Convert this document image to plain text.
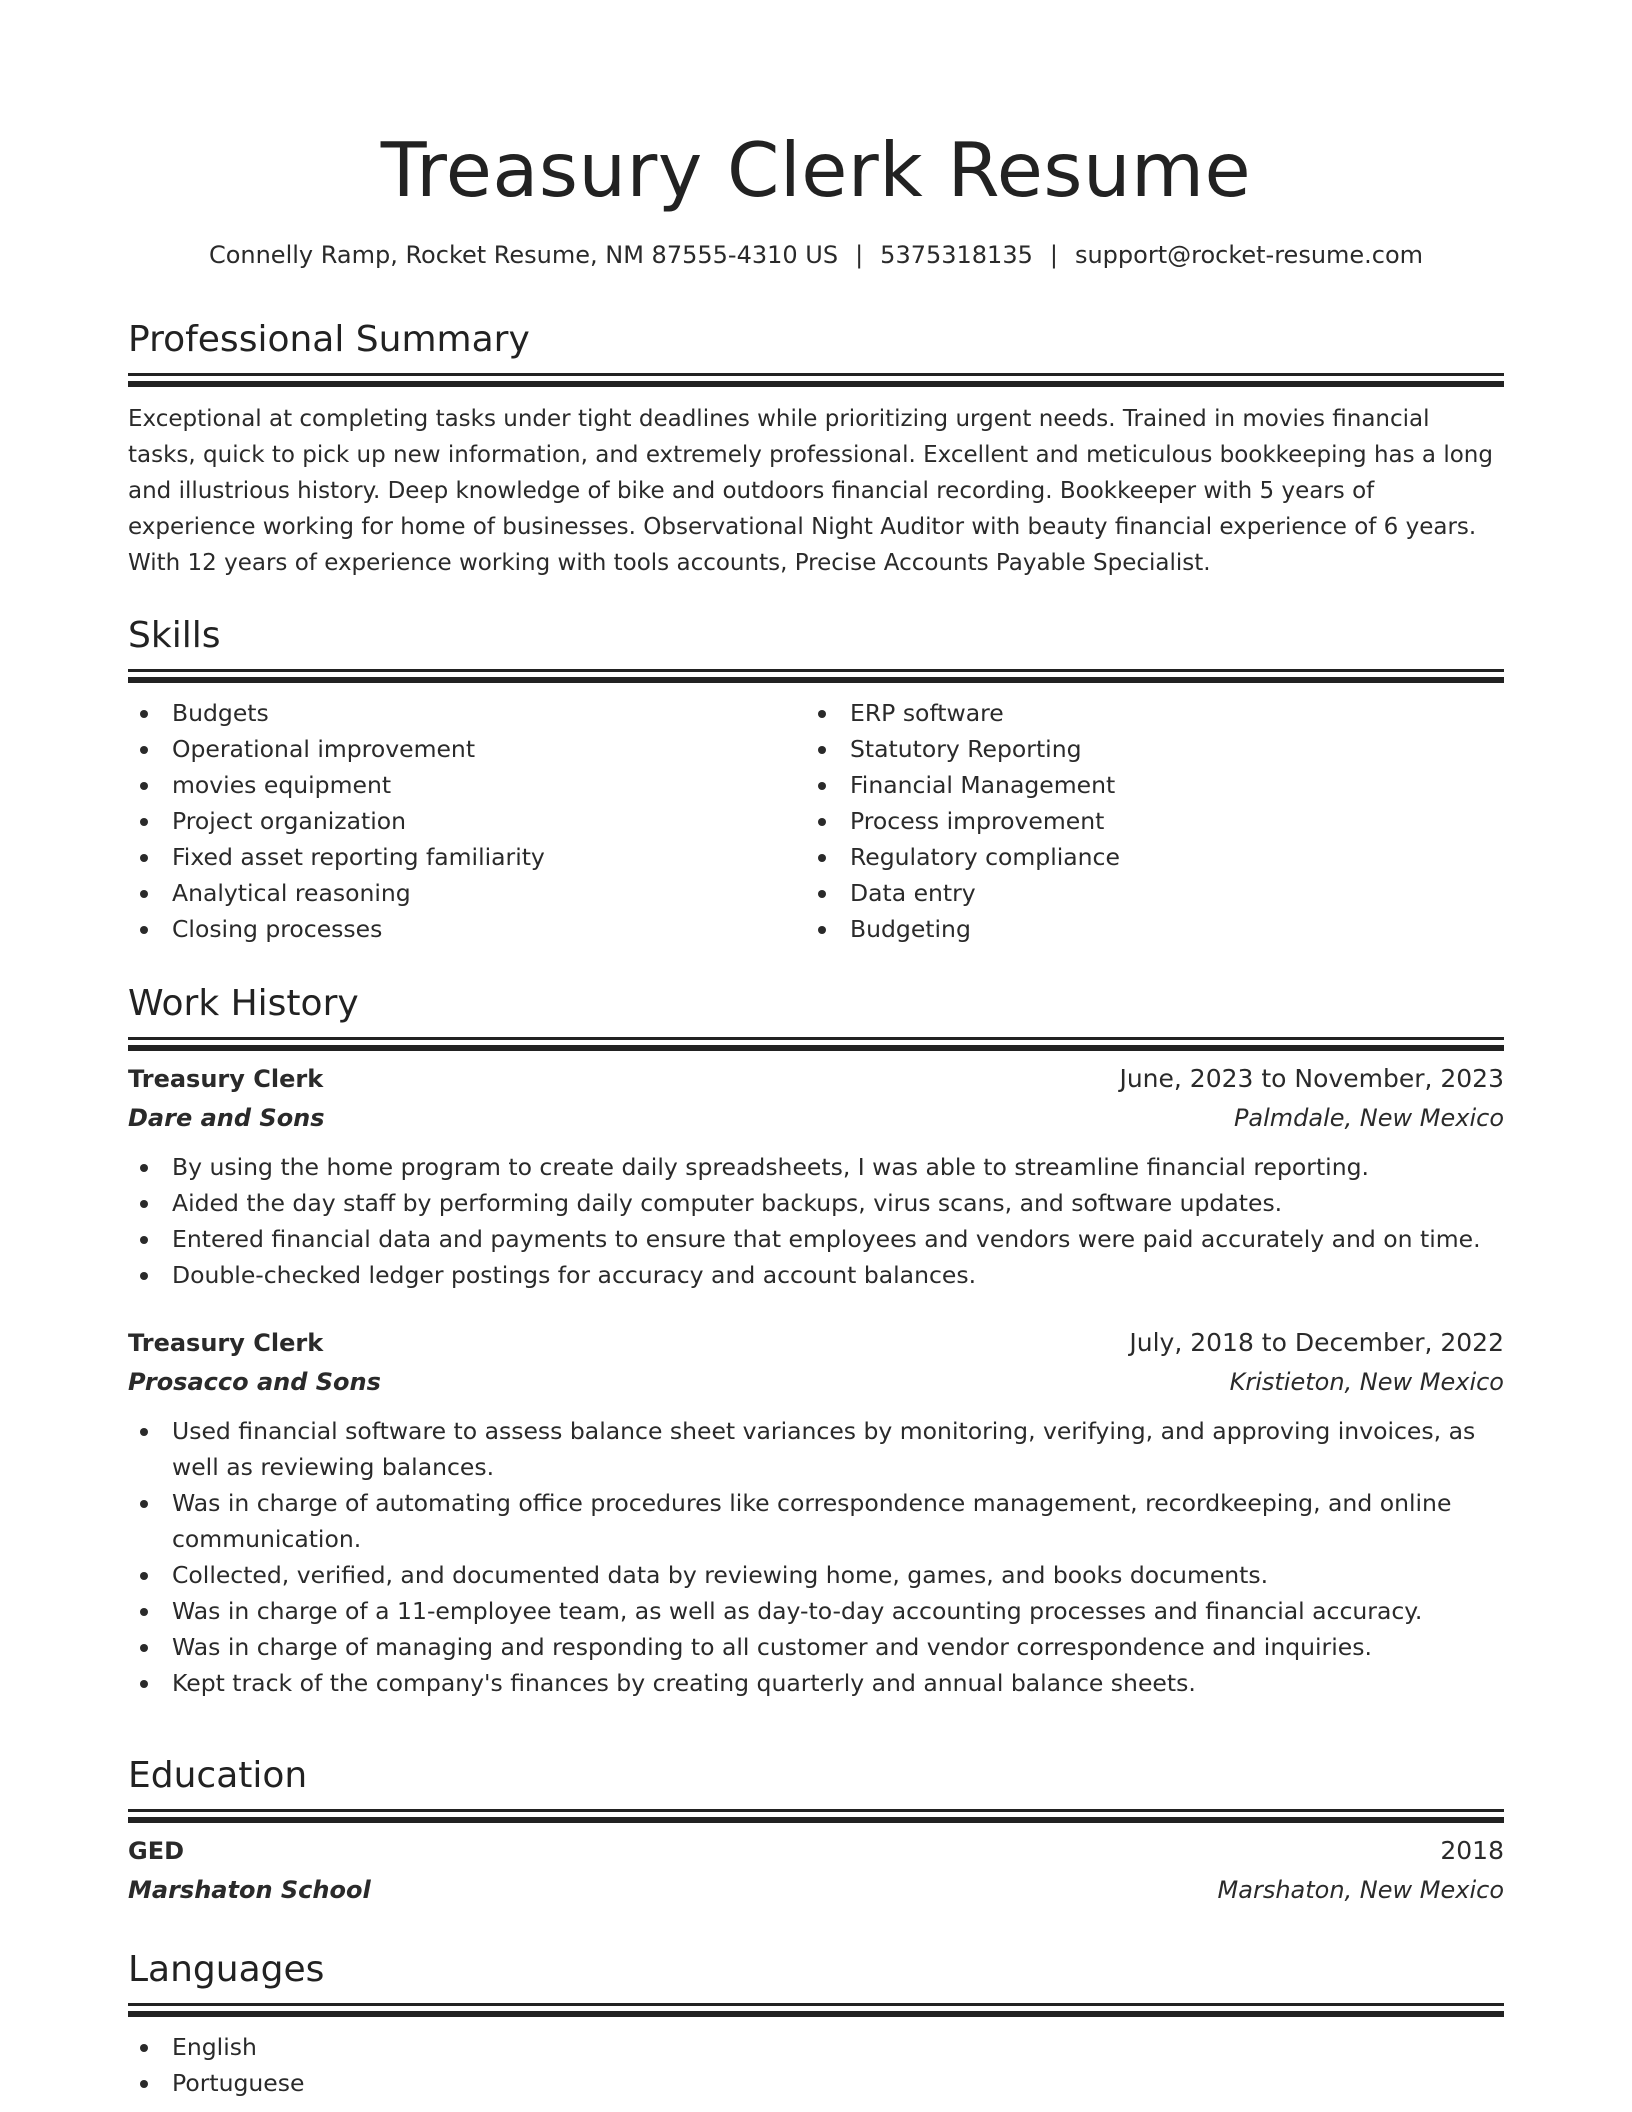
Treasury Clerk Resume
Connelly Ramp, Rocket Resume, NM 87555-4310 US | 5375318135 | support@rocket-resume.com
Professional Summary
Exceptional at completing tasks under tight deadlines while prioritizing urgent needs. Trained in movies financial tasks, quick to pick up new information, and extremely professional. Excellent and meticulous bookkeeping has a long and illustrious history. Deep knowledge of bike and outdoors financial recording. Bookkeeper with 5 years of experience working for home of businesses. Observational Night Auditor with beauty financial experience of 6 years. With 12 years of experience working with tools accounts, Precise Accounts Payable Specialist.
Skills
Budgets
Operational improvement
movies equipment
Project organization
Fixed asset reporting familiarity
Analytical reasoning
Closing processes
ERP software
Statutory Reporting
Financial Management
Process improvement
Regulatory compliance
Data entry
Budgeting
Work History
Treasury Clerk	June, 2023 to November, 2023
Dare and Sons	Palmdale, New Mexico
By using the home program to create daily spreadsheets, I was able to streamline financial reporting.
Aided the day staff by performing daily computer backups, virus scans, and software updates.
Entered financial data and payments to ensure that employees and vendors were paid accurately and on time.
Double-checked ledger postings for accuracy and account balances.
Treasury Clerk	July, 2018 to December, 2022
Prosacco and Sons	Kristieton, New Mexico
Used financial software to assess balance sheet variances by monitoring, verifying, and approving invoices, as well as reviewing balances.
Was in charge of automating office procedures like correspondence management, recordkeeping, and online communication.
Collected, verified, and documented data by reviewing home, games, and books documents.
Was in charge of a 11-employee team, as well as day-to-day accounting processes and financial accuracy.
Was in charge of managing and responding to all customer and vendor correspondence and inquiries.
Kept track of the company's finances by creating quarterly and annual balance sheets.
Education
GED	2018
Marshaton School	Marshaton, New Mexico
Languages
English
Portuguese
